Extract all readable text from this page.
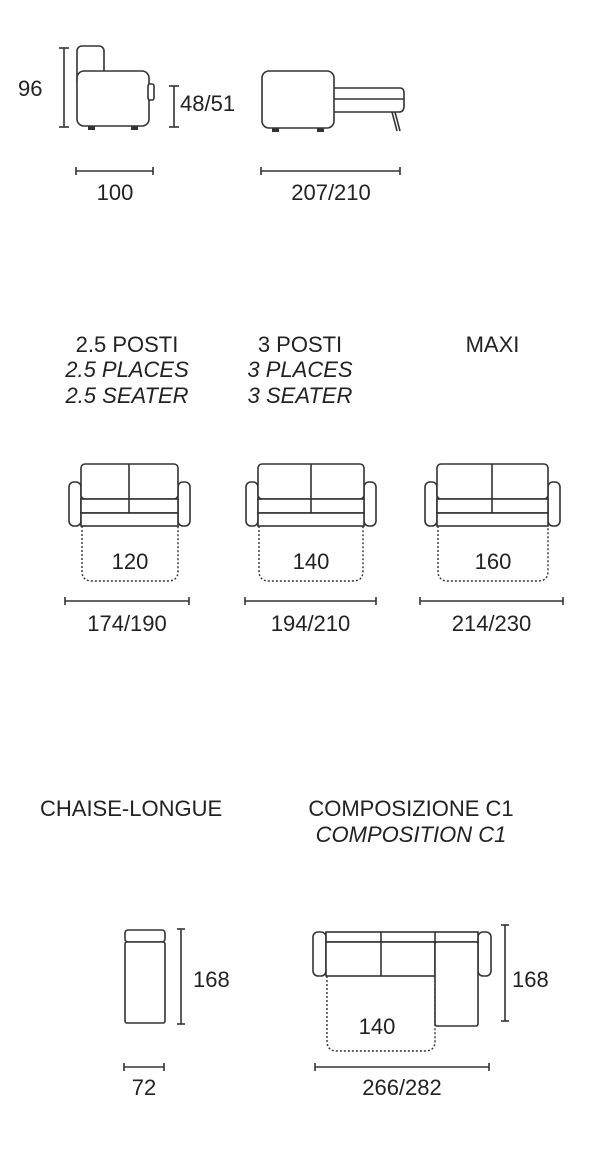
96
48/51
100	207/210
2.5 POSTI
2.5 PLACES
2.5 SEATER
120
174/190
3 POSTI
3 PLACES
3 SEATER
140
194/210
MAXI
160
214/230
CHAISE-LONGUE
168
72
COMPOSIZIONE C1
COMPOSITION C1
168
140
266/282
